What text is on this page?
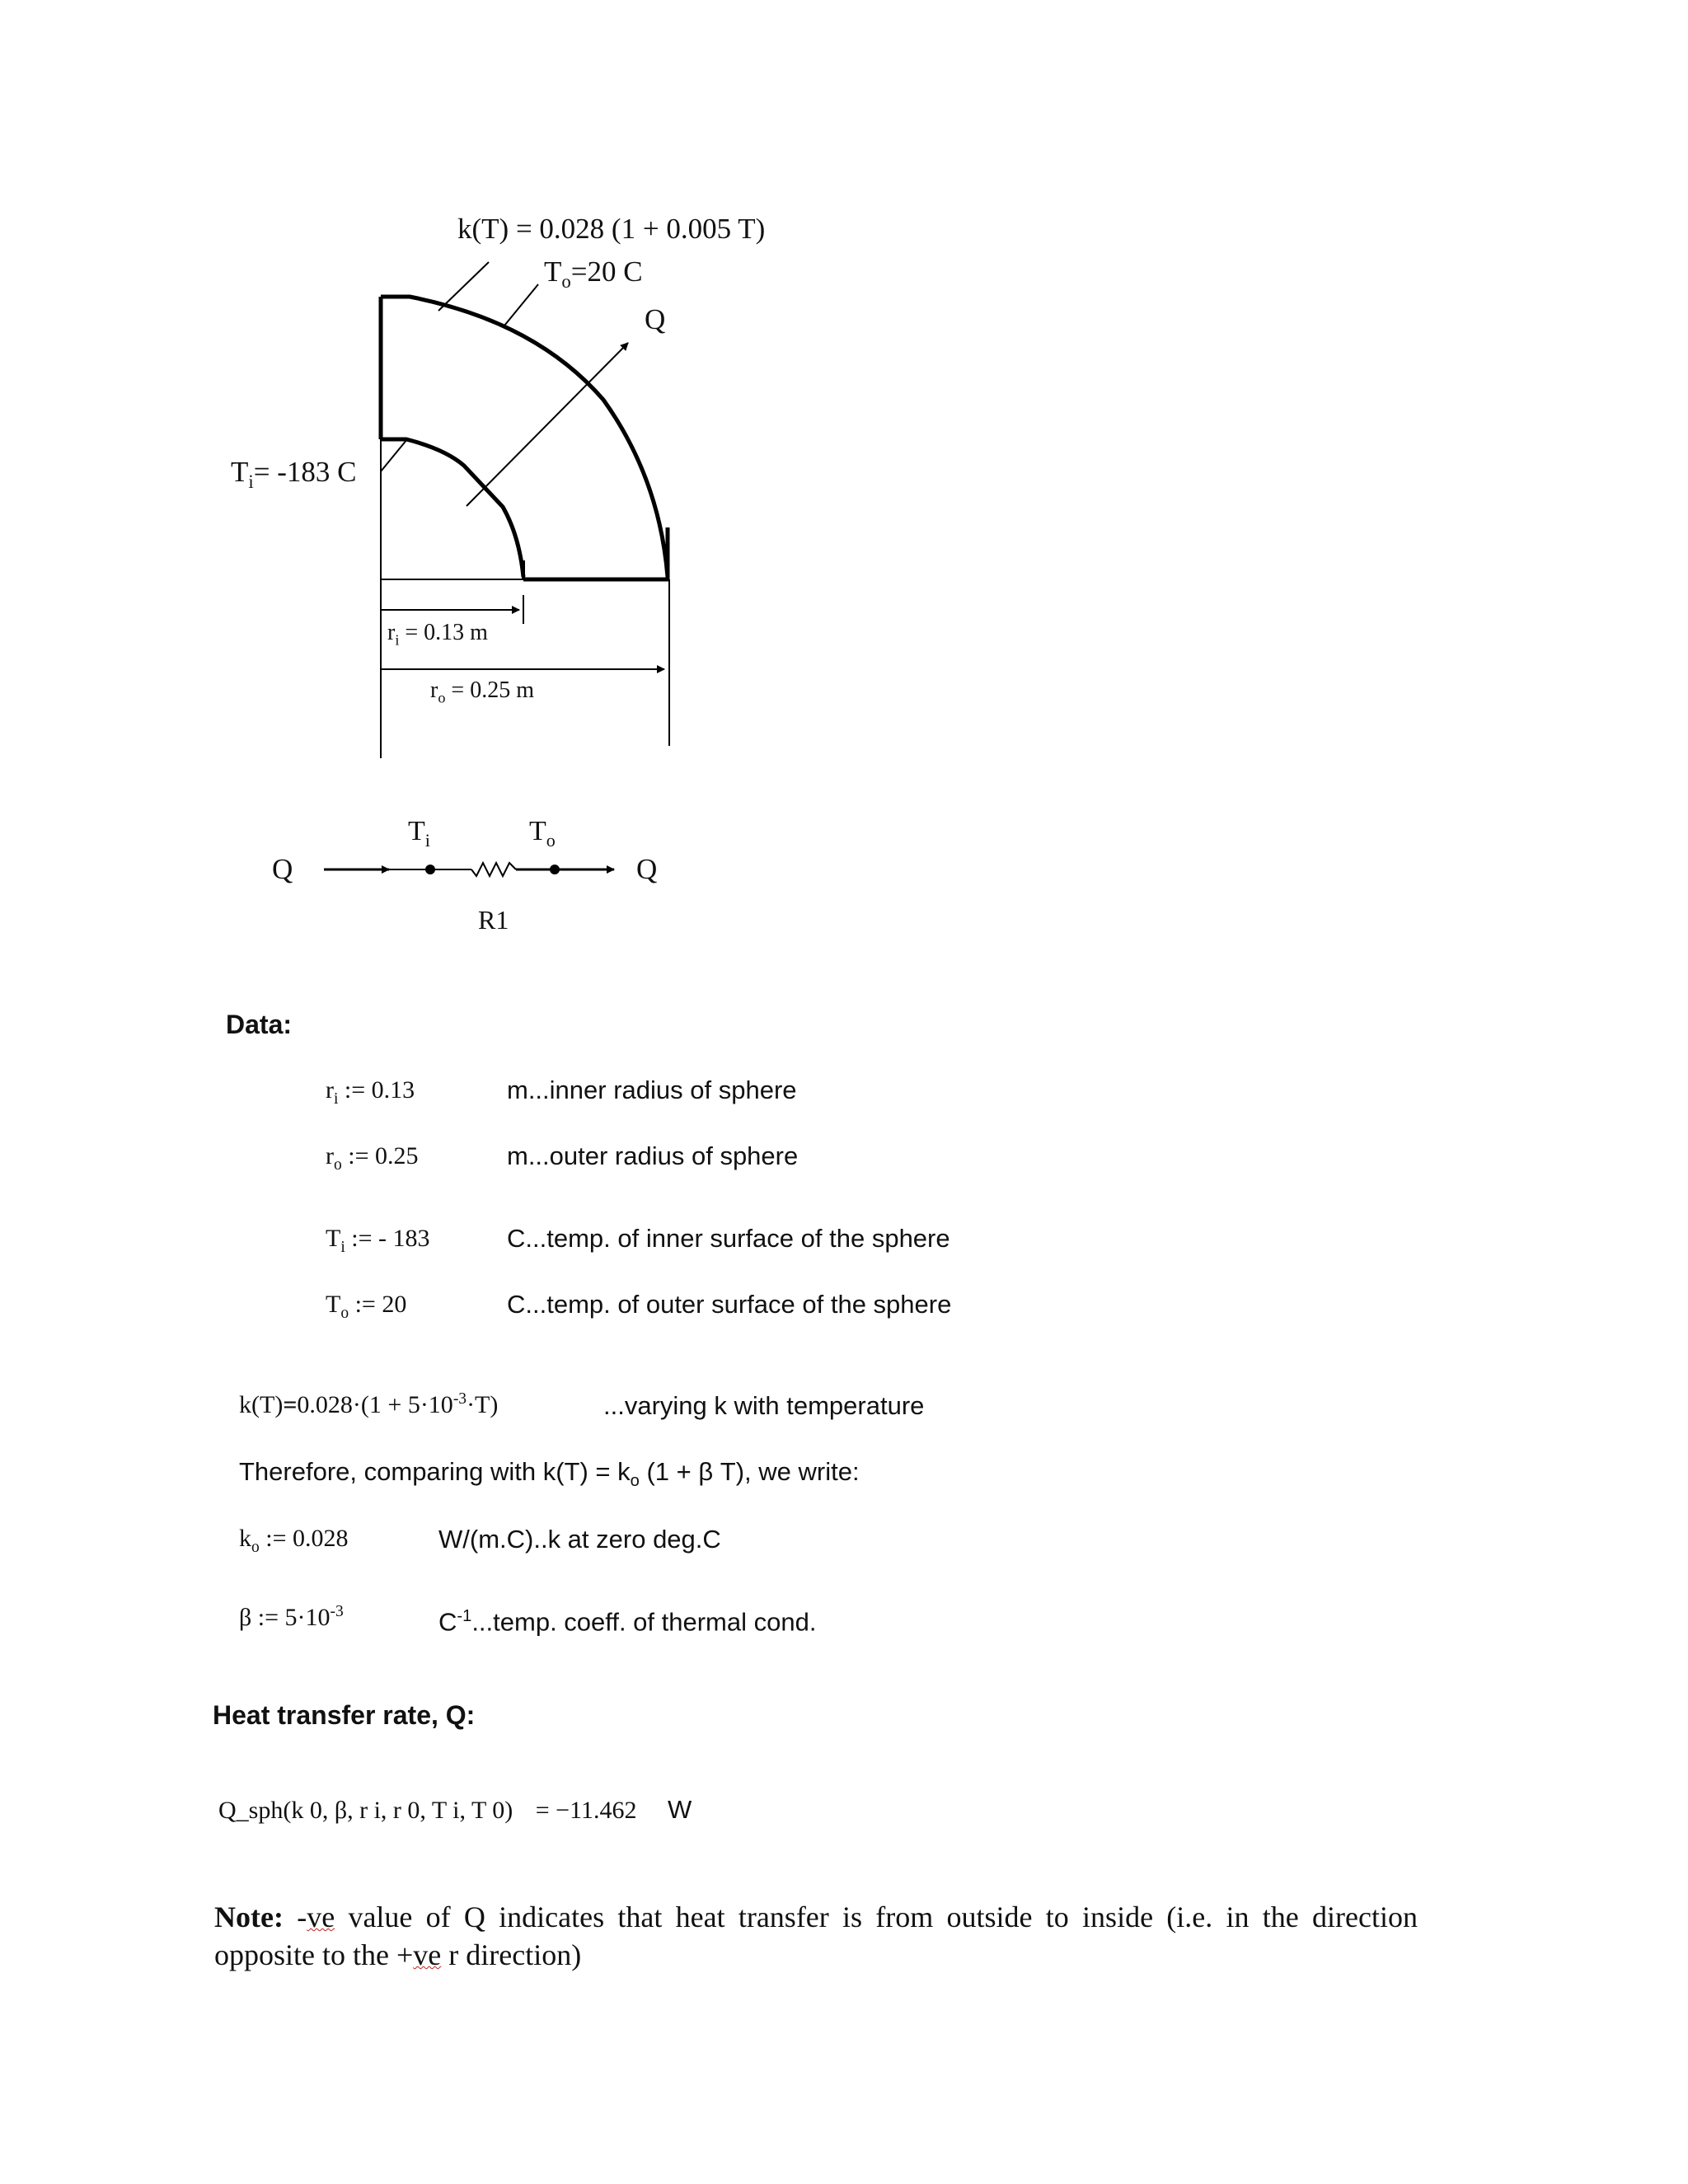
k(T) = 0.028 (1 + 0.005 T)
$T_o=20$ C
Q
$T_i= -183$ C
$r_i = 0.13$ m
$r_o = 0.25$ m
Q	Q
$T_i$	$T_o$
R1
Data:
$r_i$ := 0.13	m...inner radius of sphere
$r_o$ := 0.25	m...outer radius of sphere
$T_i$ := - 183	C...temp. of inner surface of the sphere
$T_o$ := 20	C...temp. of outer surface of the sphere
$k(T)=0.028\cdot(1 + 5\cdot 10^{-3}\cdot T)$	...varying k with temperature
Therefore, comparing with $k(T) = k_o$ (1 + β T), we write:
$k_o$ := 0.028	W/(m.C)..k at zero deg.C
β := $5\cdot 10^{-3}$	$C^{-1}...temp$. coeff. of thermal cond.
Heat transfer rate, Q:
Q_sph(k 0, β, r i, r 0, T i, T 0) = −11.462 W
Note: -ve value of Q indicates that heat transfer is from outside to inside (i.e. in the direction opposite to the +ve r direction)
